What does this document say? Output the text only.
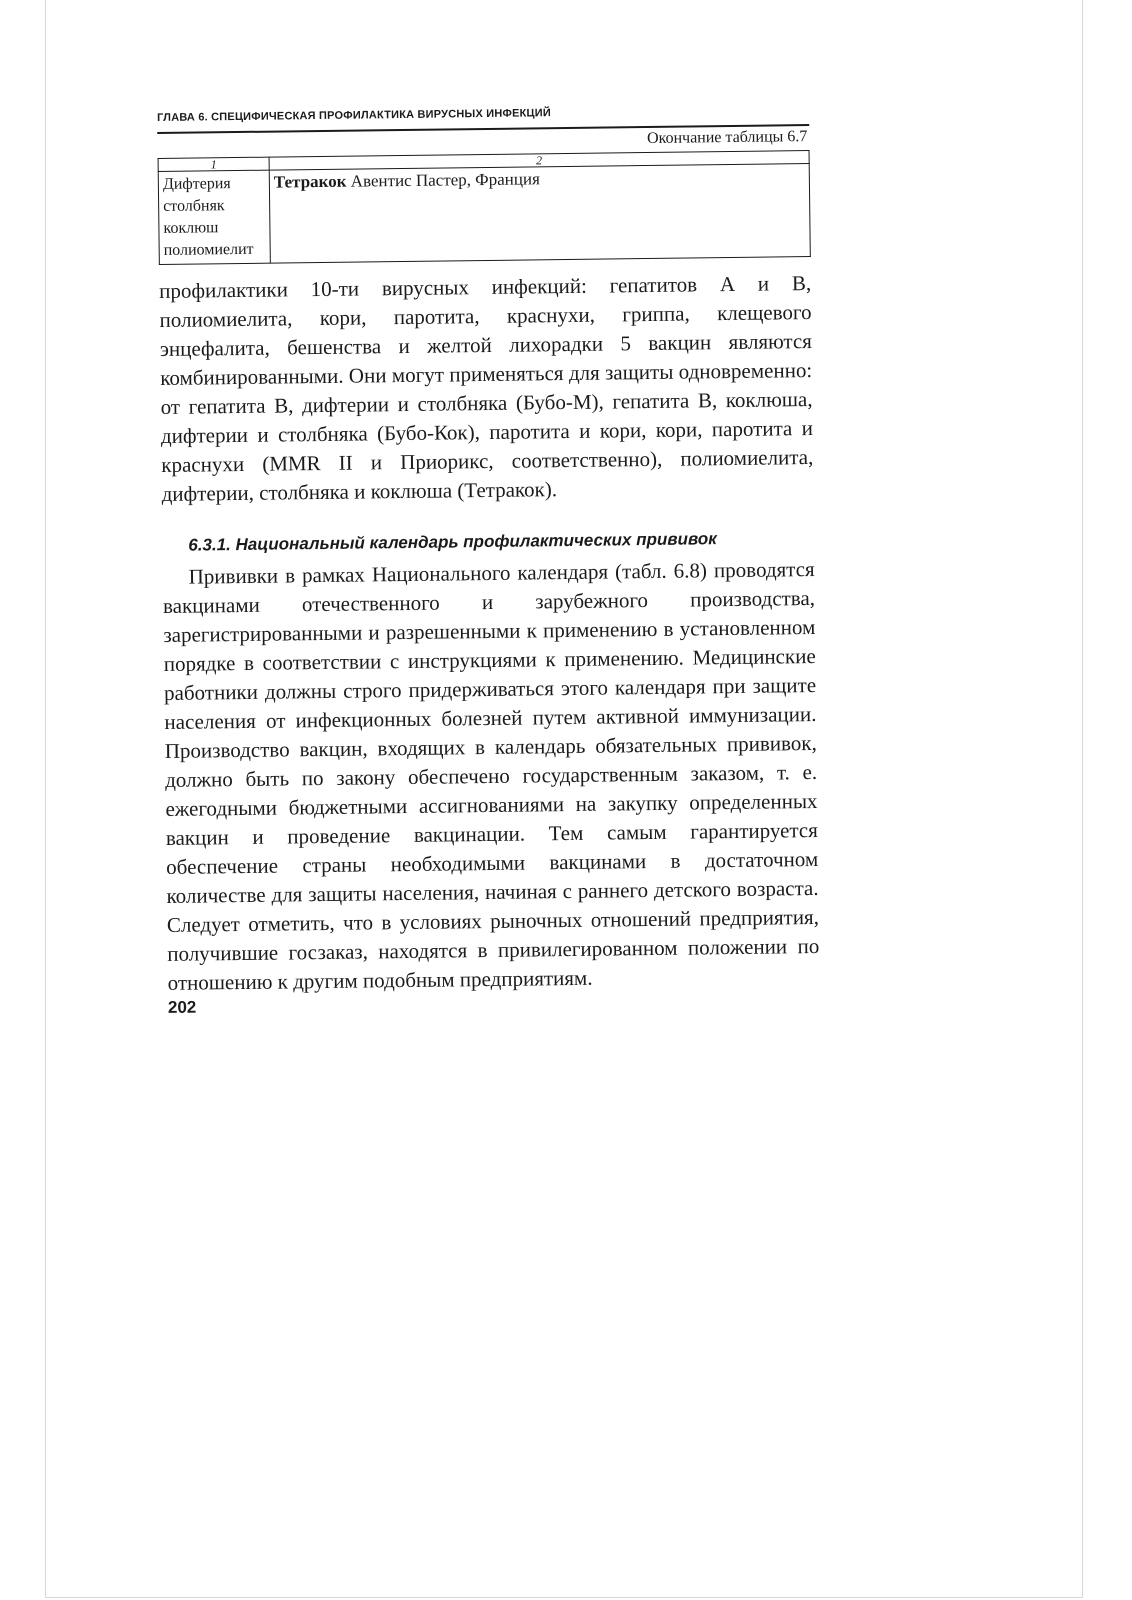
ГЛАВА 6. СПЕЦИФИЧЕСКАЯ ПРОФИЛАКТИКА ВИРУСНЫХ ИНФЕКЦИЙ
Окончание таблицы 6.7
1	2

Дифтерия
столбняк
коклюш
полиомиелит	Тетракок Авентис Пастер, Франция

профилактики 10-ти вирусных инфекций: гепатитов А и В, полиомиелита, кори, паротита, краснухи, гриппа, клещевого энцефалита, бешенства и желтой лихорадки 5 вакцин являются комбинированными. Они могут применяться для защиты одновременно: от гепатита В, дифтерии и столбняка (Бубо-М), гепатита В, коклюша, дифтерии и столбняка (Бубо-Кок), паротита и кори, кори, паротита и краснухи (MMR II и Приорикс, соответственно), полиомиелита, дифтерии, столбняка и коклюша (Тетракок).

6.3.1. Национальный календарь профилактических прививок

Прививки в рамках Национального календаря (табл. 6.8) проводятся вакцинами отечественного и зарубежного производства, зарегистрированными и разрешенными к применению в установленном порядке в соответствии с инструкциями к применению. Медицинские работники должны строго придерживаться этого календаря при защите населения от инфекционных болезней путем активной иммунизации. Производство вакцин, входящих в календарь обязательных прививок, должно быть по закону обеспечено государственным заказом, т. е. ежегодными бюджетными ассигнованиями на закупку определенных вакцин и проведение вакцинации. Тем самым гарантируется обеспечение страны необходимыми вакцинами в достаточном количестве для защиты населения, начиная с раннего детского возраста. Следует отметить, что в условиях рыночных отношений предприятия, получившие госзаказ, находятся в привилегированном положении по отношению к другим подобным предприятиям.

202
